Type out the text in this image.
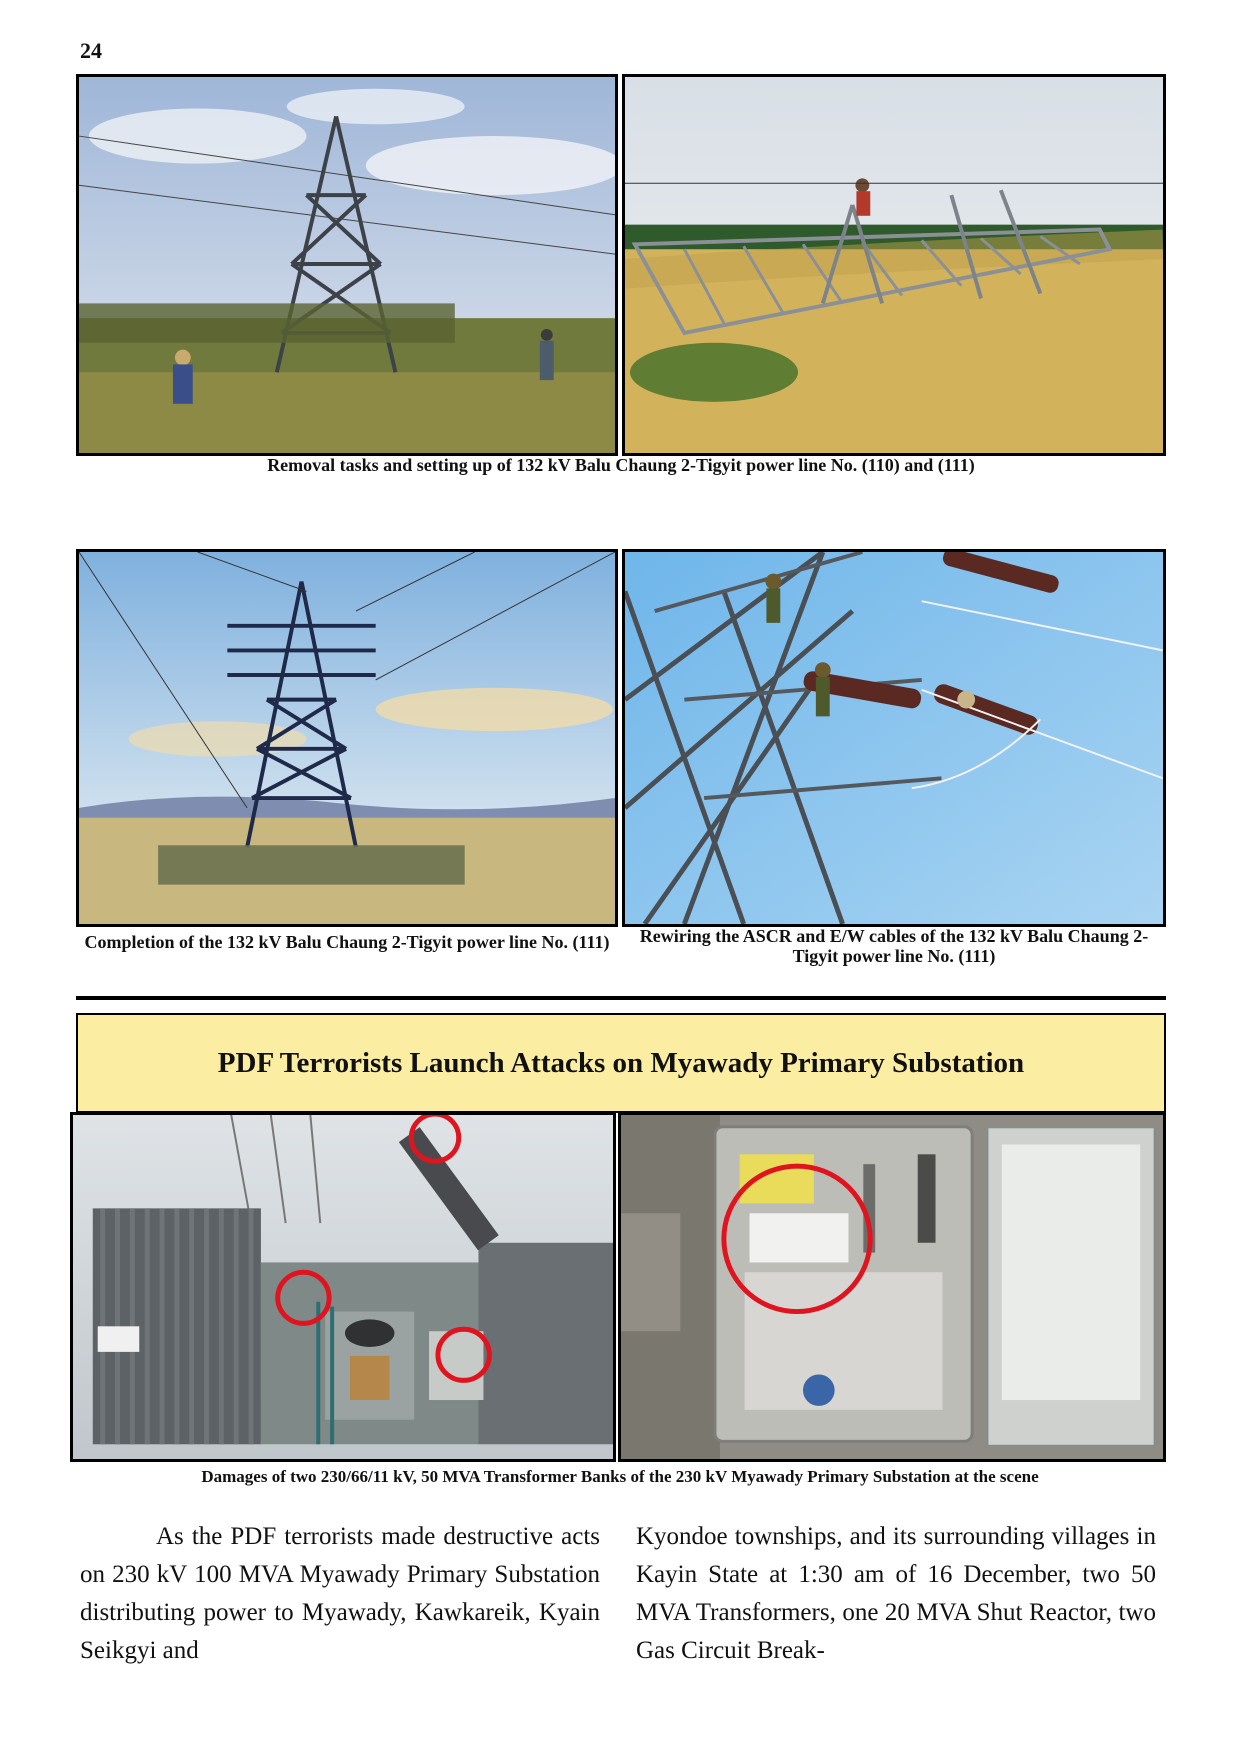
24
Removal tasks and setting up of 132 kV Balu Chaung 2-Tigyit power line No. (110) and (111)
Completion of the 132 kV Balu Chaung 2-Tigyit power line No. (111)	Rewiring the ASCR and E/W cables of the 132 kV Balu Chaung 2-Tigyit power line No. (111)
PDF Terrorists Launch Attacks on Myawady Primary Substation
Damages of two 230/66/11 kV, 50 MVA Transformer Banks of the 230 kV Myawady Primary Substation at the scene

As the PDF terrorists made destructive acts on 230 kV 100 MVA Myawady Primary Substation distributing power to Myawady, Kawkareik, Kyain Seikgyi and

Kyondoe townships, and its surrounding villages in Kayin State at 1:30 am of 16 December, two 50 MVA Transformers, one 20 MVA Shut Reactor, two Gas Circuit Break-
